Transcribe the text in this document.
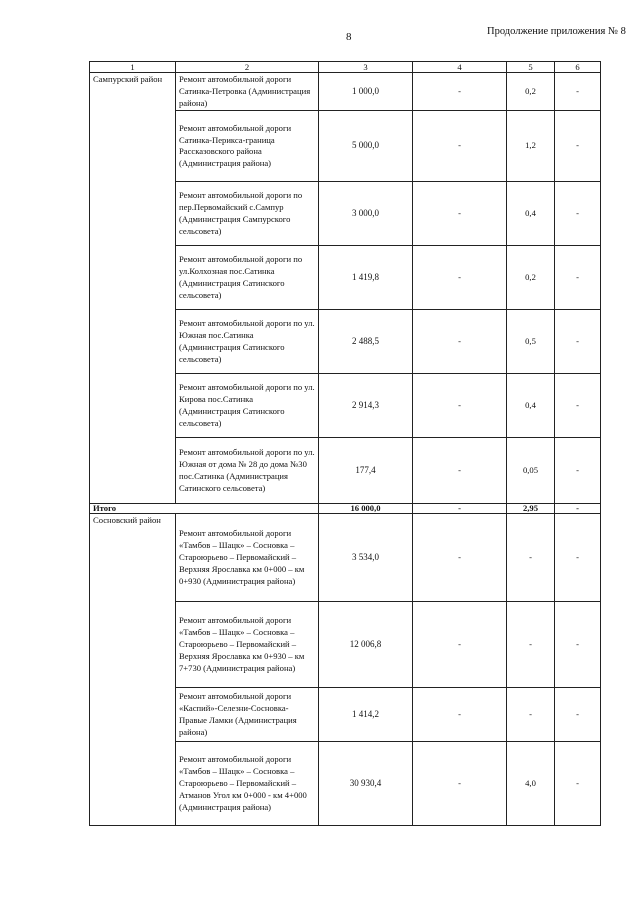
8	Продолжение приложения № 8
1	2	3	4	5	6
Сампурский район	Ремонт автомобильной дороги Сатинка-Петровка (Администрация района)	1 000,0	-	0,2	-
	Ремонт автомобильной дороги Сатинка-Перикса-граница Рассказовского района (Администрация района)	5 000,0	-	1,2	-
	Ремонт автомобильной дороги по пер.Первомайский с.Сампур (Администрация Сампурского сельсовета)	3 000,0	-	0,4	-
	Ремонт автомобильной дороги по ул.Колхозная пос.Сатинка (Администрация Сатинского сельсовета)	1 419,8	-	0,2	-
	Ремонт автомобильной дороги по ул. Южная пос.Сатинка (Администрация Сатинского сельсовета)	2 488,5	-	0,5	-
	Ремонт автомобильной дороги по ул. Кирова пос.Сатинка (Администрация Сатинского сельсовета)	2 914,3	-	0,4	-
	Ремонт автомобильной дороги по ул. Южная от дома № 28 до дома №30 пос.Сатинка (Администрация Сатинского сельсовета)	177,4	-	0,05	-
Итого		16 000,0	-	2,95	-
Сосновский район	Ремонт автомобильной дороги «Тамбов – Шацк» – Сосновка – Староюрьево – Первомайский – Верхняя Ярославка км 0+000 – км 0+930 (Администрация района)	3 534,0	-	-	-
	Ремонт автомобильной дороги «Тамбов – Шацк» – Сосновка – Староюрьево – Первомайский – Верхняя Ярославка км 0+930 – км 7+730 (Администрация района)	12 006,8	-	-	-
	Ремонт автомобильной дороги «Каспий»-Селезни-Сосновка-Правые Ламки (Администрация района)	1 414,2	-	-	-
	Ремонт автомобильной дороги «Тамбов – Шацк» – Сосновка – Староюрьево – Первомайский – Атманов Угол км 0+000 - км 4+000 (Администрация района)	30 930,4	-	4,0	-
